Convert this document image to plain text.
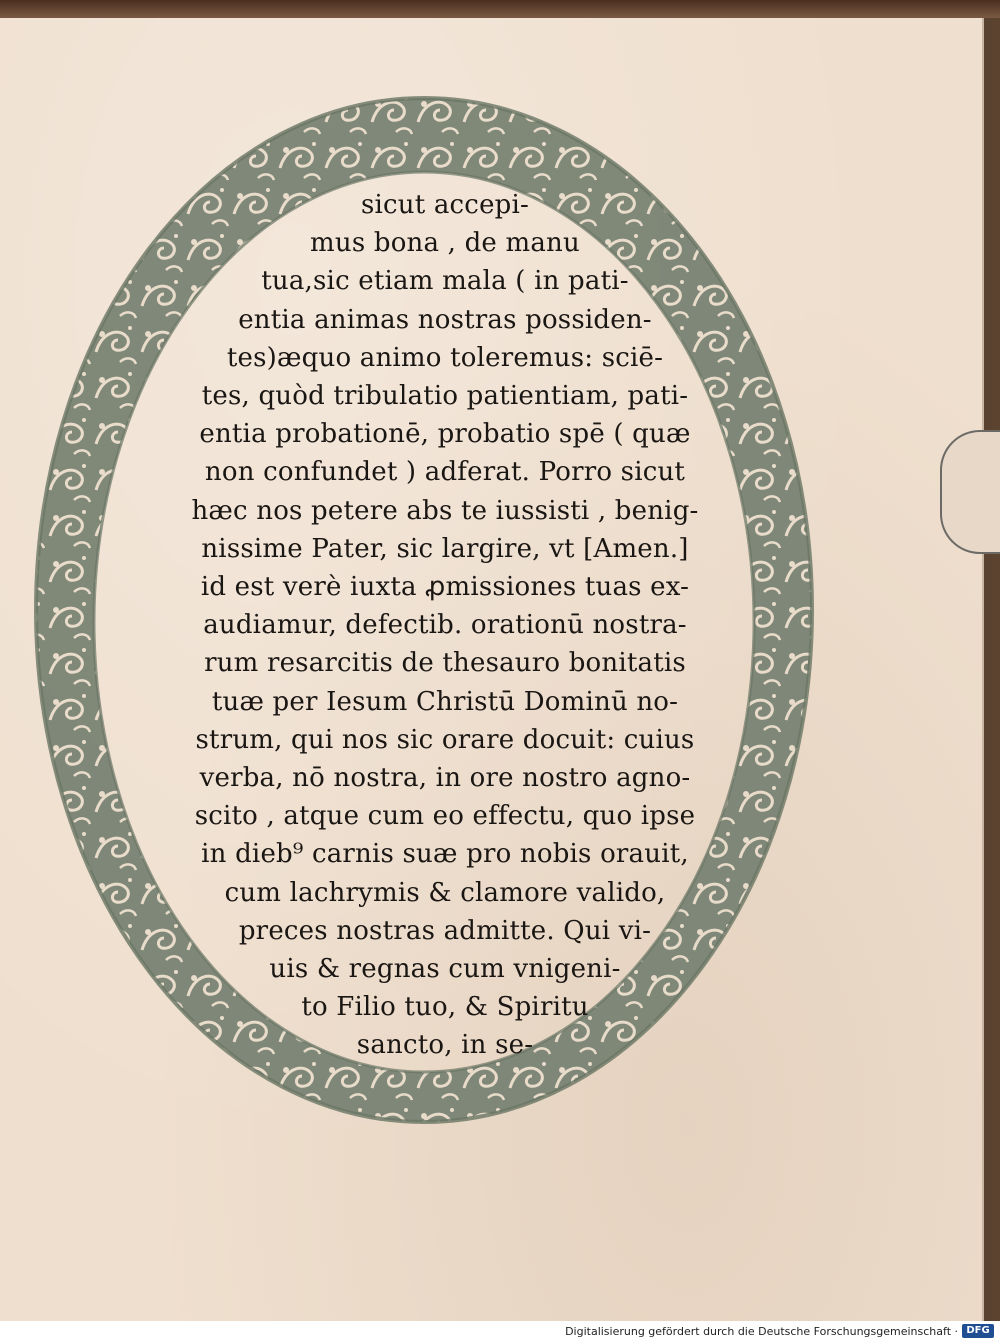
sicut accepi-
mus bona , de manu
tua,sic etiam mala ( in pati-
entia animas nostras possiden-
tes)æquo animo toleremus: sciē-
tes, quòd tribulatio patientiam, pati-
entia probationē, probatio spē ( quæ
non confundet ) adferat. Porro sicut
hæc nos petere abs te iussisti , benig-
nissime Pater, sic largire, vt [Amen.]
id est verè iuxta ꝓmissiones tuas ex-
audiamur, defectib. orationū nostra-
rum resarcitis de thesauro bonitatis
tuæ per Iesum Christū Dominū no-
strum, qui nos sic orare docuit: cuius
verba, nō nostra, in ore nostro agno-
scito , atque cum eo effectu, quo ipse
in dieb⁹ carnis suæ pro nobis orauit,
cum lachrymis & clamore valido,
preces nostras admitte. Qui vi-
uis & regnas cum vnigeni-
to Filio tuo, & Spiritu
sancto, in se-
Digitalisierung gefördert durch die Deutsche Forschungsgemeinschaft · DFG
